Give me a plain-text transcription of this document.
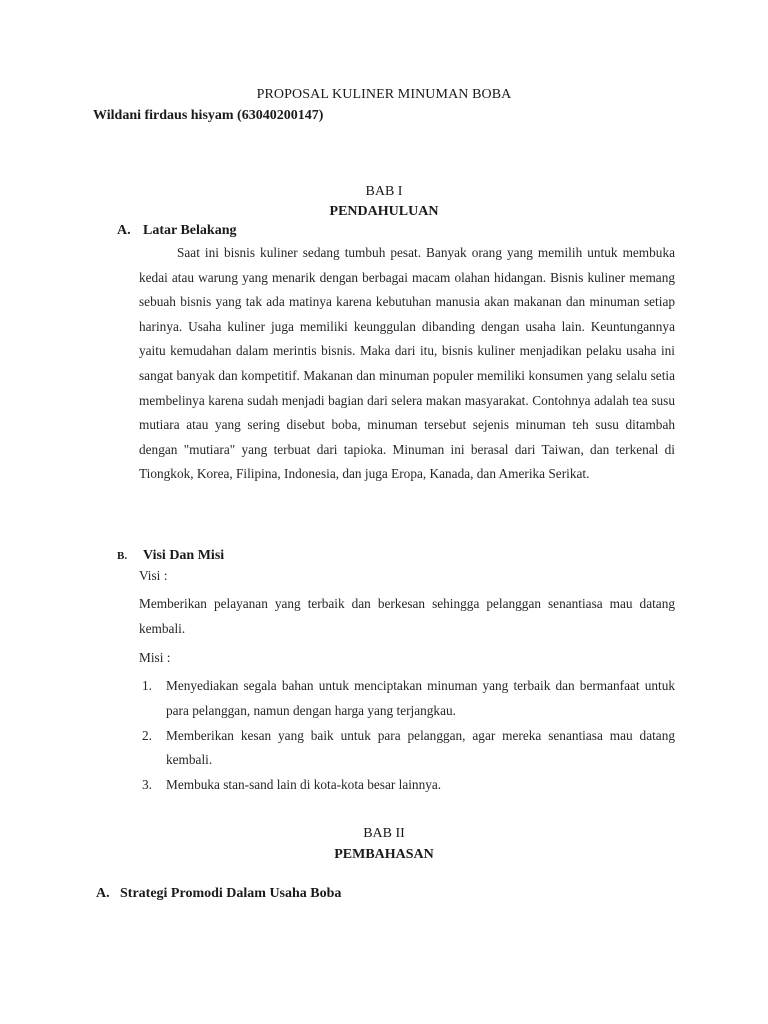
PROPOSAL KULINER MINUMAN BOBA
Wildani firdaus hisyam (63040200147)
BAB I
PENDAHULUAN
A. Latar Belakang

Saat ini bisnis kuliner sedang tumbuh pesat. Banyak orang yang memilih untuk membuka kedai atau warung yang menarik dengan berbagai macam olahan hidangan. Bisnis kuliner memang sebuah bisnis yang tak ada matinya karena kebutuhan manusia akan makanan dan minuman setiap harinya. Usaha kuliner juga memiliki keunggulan dibanding dengan usaha lain. Keuntungannya yaitu kemudahan dalam merintis bisnis. Maka dari itu, bisnis kuliner menjadikan pelaku usaha ini sangat banyak dan kompetitif. Makanan dan minuman populer memiliki konsumen yang selalu setia membelinya karena sudah menjadi bagian dari selera makan masyarakat. Contohnya adalah tea susu mutiara atau yang sering disebut boba, minuman tersebut sejenis minuman teh susu ditambah dengan "mutiara" yang terbuat dari tapioka. Minuman ini berasal dari Taiwan, dan terkenal di Tiongkok, Korea, Filipina, Indonesia, dan juga Eropa, Kanada, dan Amerika Serikat.

B. Visi Dan Misi
Visi :

Memberikan pelayanan yang terbaik dan berkesan sehingga pelanggan senantiasa mau datang kembali.

Misi :
1. Menyediakan segala bahan untuk menciptakan minuman yang terbaik dan bermanfaat untuk para pelanggan, namun dengan harga yang terjangkau.
2. Memberikan kesan yang baik untuk para pelanggan, agar mereka senantiasa mau datang kembali.
3. Membuka stan-sand lain di kota-kota besar lainnya.
BAB II
PEMBAHASAN
A. Strategi Promodi Dalam Usaha Boba
